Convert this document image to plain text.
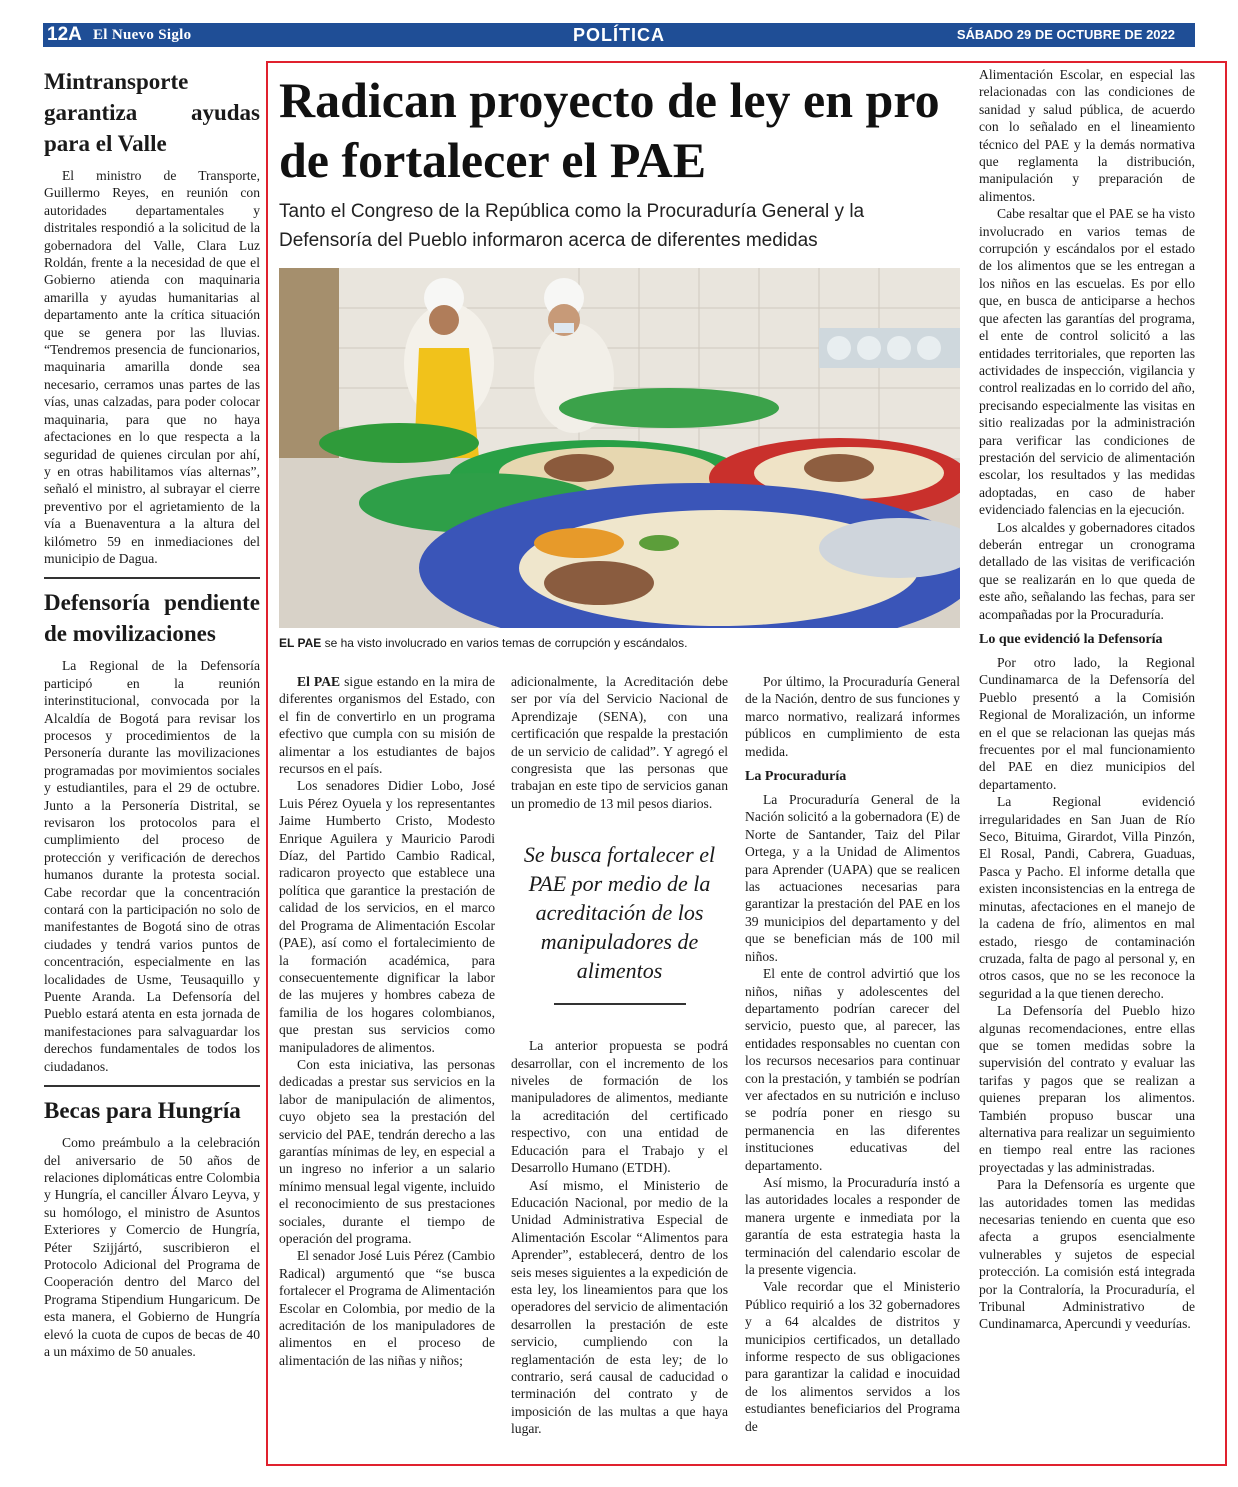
12A El Nuevo Siglo	POLÍTICA	SÁBADO 29 DE OCTUBRE DE 2022
Mintransporte garantiza ayudas para el Valle

El ministro de Transporte, Guillermo Reyes, en reunión con autoridades departamentales y distritales respondió a la solicitud de la gobernadora del Valle, Clara Luz Roldán, frente a la necesidad de que el Gobierno atienda con maquinaria amarilla y ayudas humanitarias al departamento ante la crítica situación que se genera por las lluvias. “Tendremos presencia de funcionarios, maquinaria amarilla donde sea necesario, cerramos unas partes de las vías, unas calzadas, para poder colocar maquinaria, para que no haya afectaciones en lo que respecta a la seguridad de quienes circulan por ahí, y en otras habilitamos vías alternas”, señaló el ministro, al subrayar el cierre preventivo por el agrietamiento de la vía a Buenaventura a la altura del kilómetro 59 en inmediaciones del municipio de Dagua.

Defensoría pendiente de movilizaciones

La Regional de la Defensoría participó en la reunión interinstitucional, convocada por la Alcaldía de Bogotá para revisar los procesos y procedimientos de la Personería durante las movilizaciones programadas por movimientos sociales y estudiantiles, para el 29 de octubre. Junto a la Personería Distrital, se revisaron los protocolos para el cumplimiento del proceso de protección y verificación de derechos humanos durante la protesta social. Cabe recordar que la concentración contará con la participación no solo de manifestantes de Bogotá sino de otras ciudades y tendrá varios puntos de concentración, especialmente en las localidades de Usme, Teusaquillo y Puente Aranda. La Defensoría del Pueblo estará atenta en esta jornada de manifestaciones para salvaguardar los derechos fundamentales de todos los ciudadanos.

Becas para Hungría

Como preámbulo a la celebración del aniversario de 50 años de relaciones diplomáticas entre Colombia y Hungría, el canciller Álvaro Leyva, y su homólogo, el ministro de Asuntos Exteriores y Comercio de Hungría, Péter Szijjártó, suscribieron el Protocolo Adicional del Programa de Cooperación dentro del Marco del Programa Stipendium Hungaricum. De esta manera, el Gobierno de Hungría elevó la cuota de cupos de becas de 40 a un máximo de 50 anuales.

Radican proyecto de ley en pro de fortalecer el PAE
Tanto el Congreso de la República como la Procuraduría General y la Defensoría del Pueblo informaron acerca de diferentes medidas
EL PAE se ha visto involucrado en varios temas de corrupción y escándalos.

El PAE sigue estando en la mira de diferentes organismos del Estado, con el fin de convertirlo en un programa efectivo que cumpla con su misión de alimentar a los estudiantes de bajos recursos en el país.

Los senadores Didier Lobo, José Luis Pérez Oyuela y los representantes Jaime Humberto Cristo, Modesto Enrique Aguilera y Mauricio Parodi Díaz, del Partido Cambio Radical, radicaron proyecto que establece una política que garantice la prestación de calidad de los servicios, en el marco del Programa de Alimentación Escolar (PAE), así como el fortalecimiento de la formación académica, para consecuentemente dignificar la labor de las mujeres y hombres cabeza de familia de los hogares colombianos, que prestan sus servicios como manipuladores de alimentos.

Con esta iniciativa, las personas dedicadas a prestar sus servicios en la labor de manipulación de alimentos, cuyo objeto sea la prestación del servicio del PAE, tendrán derecho a las garantías mínimas de ley, en especial a un ingreso no inferior a un salario mínimo mensual legal vigente, incluido el reconocimiento de sus prestaciones sociales, durante el tiempo de operación del programa.

El senador José Luis Pérez (Cambio Radical) argumentó que “se busca fortalecer el Programa de Alimentación Escolar en Colombia, por medio de la acreditación de los manipuladores de alimentos en el proceso de alimentación de las niñas y niños;

adicionalmente, la Acreditación debe ser por vía del Servicio Nacional de Aprendizaje (SENA), con una certificación que respalde la prestación de un servicio de calidad”. Y agregó el congresista que las personas que trabajan en este tipo de servicios ganan un promedio de 13 mil pesos diarios.

Se busca fortalecer el PAE por medio de la acreditación de los manipuladores de alimentos

La anterior propuesta se podrá desarrollar, con el incremento de los niveles de formación de los manipuladores de alimentos, mediante la acreditación del certificado respectivo, con una entidad de Educación para el Trabajo y el Desarrollo Humano (ETDH).

Así mismo, el Ministerio de Educación Nacional, por medio de la Unidad Administrativa Especial de Alimentación Escolar “Alimentos para Aprender”, establecerá, dentro de los seis meses siguientes a la expedición de esta ley, los lineamientos para que los operadores del servicio de alimentación desarrollen la prestación de este servicio, cumpliendo con la reglamentación de esta ley; de lo contrario, será causal de caducidad o terminación del contrato y de imposición de las multas a que haya lugar.

Por último, la Procuraduría General de la Nación, dentro de sus funciones y marco normativo, realizará informes públicos en cumplimiento de esta medida.

La Procuraduría

La Procuraduría General de la Nación solicitó a la gobernadora (E) de Norte de Santander, Taiz del Pilar Ortega, y a la Unidad de Alimentos para Aprender (UAPA) que se realicen las actuaciones necesarias para garantizar la prestación del PAE en los 39 municipios del departamento y del que se benefician más de 100 mil niños.

El ente de control advirtió que los niños, niñas y adolescentes del departamento podrían carecer del servicio, puesto que, al parecer, las entidades responsables no cuentan con los recursos necesarios para continuar con la prestación, y también se podrían ver afectados en su nutrición e incluso se podría poner en riesgo su permanencia en las diferentes instituciones educativas del departamento.

Así mismo, la Procuraduría instó a las autoridades locales a responder de manera urgente e inmediata por la garantía de esta estrategia hasta la terminación del calendario escolar de la presente vigencia.

Vale recordar que el Ministerio Público requirió a los 32 gobernadores y a 64 alcaldes de distritos y municipios certificados, un detallado informe respecto de sus obligaciones para garantizar la calidad e inocuidad de los alimentos servidos a los estudiantes beneficiarios del Programa de

Alimentación Escolar, en especial las relacionadas con las condiciones de sanidad y salud pública, de acuerdo con lo señalado en el lineamiento técnico del PAE y la demás normativa que reglamenta la distribución, manipulación y preparación de alimentos.

Cabe resaltar que el PAE se ha visto involucrado en varios temas de corrupción y escándalos por el estado de los alimentos que se les entregan a los niños en las escuelas. Es por ello que, en busca de anticiparse a hechos que afecten las garantías del programa, el ente de control solicitó a las entidades territoriales, que reporten las actividades de inspección, vigilancia y control realizadas en lo corrido del año, precisando especialmente las visitas en sitio realizadas por la administración para verificar las condiciones de prestación del servicio de alimentación escolar, los resultados y las medidas adoptadas, en caso de haber evidenciado falencias en la ejecución.

Los alcaldes y gobernadores citados deberán entregar un cronograma detallado de las visitas de verificación que se realizarán en lo que queda de este año, señalando las fechas, para ser acompañadas por la Procuraduría.

Lo que evidenció la Defensoría

Por otro lado, la Regional Cundinamarca de la Defensoría del Pueblo presentó a la Comisión Regional de Moralización, un informe en el que se relacionan las quejas más frecuentes por el mal funcionamiento del PAE en diez municipios del departamento.

La Regional evidenció irregularidades en San Juan de Río Seco, Bituima, Girardot, Villa Pinzón, El Rosal, Pandi, Cabrera, Guaduas, Pasca y Pacho. El informe detalla que existen inconsistencias en la entrega de minutas, afectaciones en el manejo de la cadena de frío, alimentos en mal estado, riesgo de contaminación cruzada, falta de pago al personal y, en otros casos, que no se les reconoce la seguridad a la que tienen derecho.

La Defensoría del Pueblo hizo algunas recomendaciones, entre ellas que se tomen medidas sobre la supervisión del contrato y evaluar las tarifas y pagos que se realizan a quienes preparan los alimentos. También propuso buscar una alternativa para realizar un seguimiento en tiempo real entre las raciones proyectadas y las administradas.

Para la Defensoría es urgente que las autoridades tomen las medidas necesarias teniendo en cuenta que eso afecta a grupos esencialmente vulnerables y sujetos de especial protección. La comisión está integrada por la Contraloría, la Procuraduría, el Tribunal Administrativo de Cundinamarca, Apercundi y veedurías.
